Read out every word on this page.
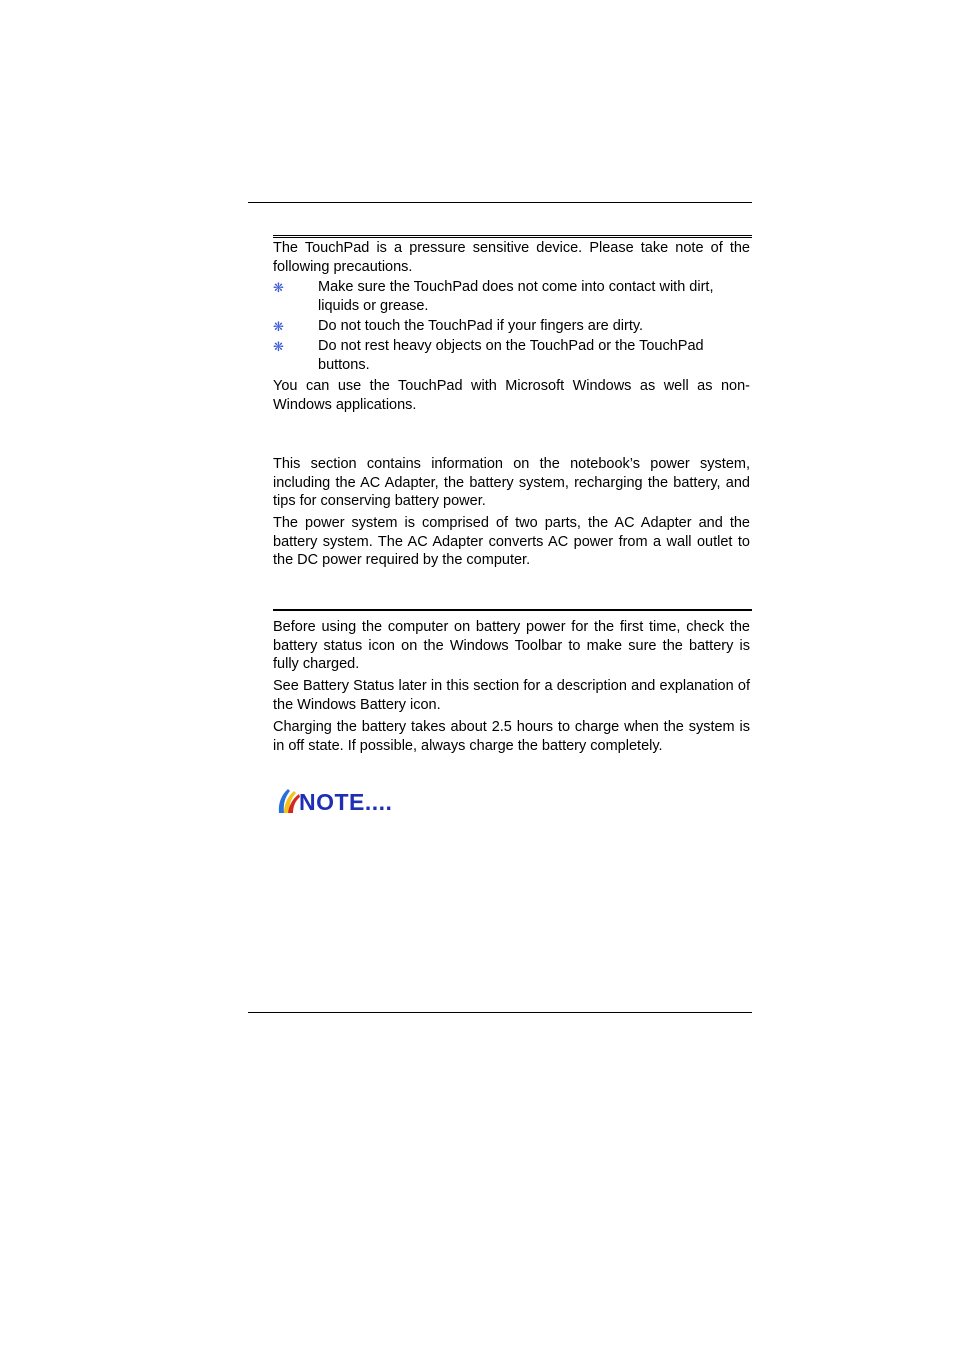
The TouchPad is a pressure sensitive device. Please take note of the following precautions.

❋ Make sure the TouchPad does not come into contact with dirt, liquids or grease.
❋ Do not touch the TouchPad if your fingers are dirty.
❋ Do not rest heavy objects on the TouchPad or the TouchPad buttons.

You can use the TouchPad with Microsoft Windows as well as non-Windows applications.

This section contains information on the notebook’s power system, including the AC Adapter, the battery system, recharging the battery, and tips for conserving battery power.

The power system is comprised of two parts, the AC Adapter and the battery system. The AC Adapter converts AC power from a wall outlet to the DC power required by the computer.

Before using the computer on battery power for the first time, check the battery status icon on the Windows Toolbar to make sure the battery is fully charged.

See Battery Status later in this section for a description and explanation of the Windows Battery icon.

Charging the battery takes about 2.5 hours to charge when the system is in off state. If possible, always charge the battery completely.

NOTE....
